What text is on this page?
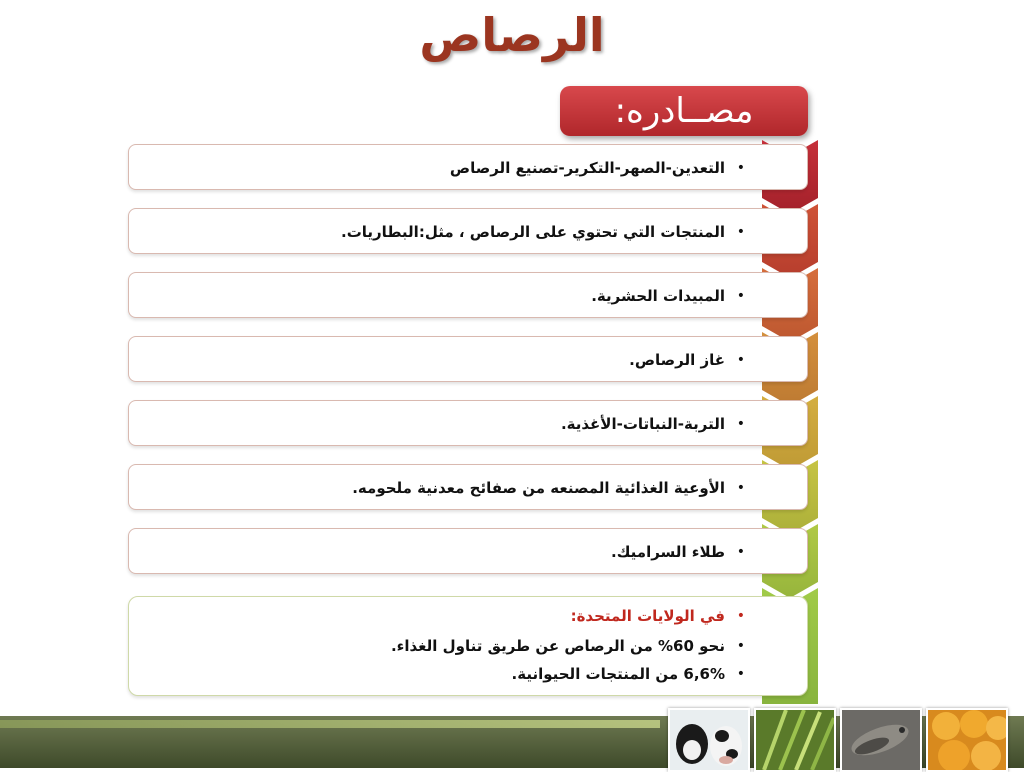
الرصاص
مصــادره:
التعدين-الصهر-التكرير-تصنيع الرصاص •
المنتجات التي تحتوي على الرصاص ، مثل:البطاريات. •
المبيدات الحشرية. •
غاز الرصاص. •
التربة-النباتات-الأغذية. •
الأوعية الغذائية المصنعه من صفائح معدنية ملحومه. •
طلاء السراميك. •
في الولايات المتحدة: •
نحو 60% من الرصاص عن طريق تناول الغذاء. •
6,6% من المنتجات الحيوانية. •
